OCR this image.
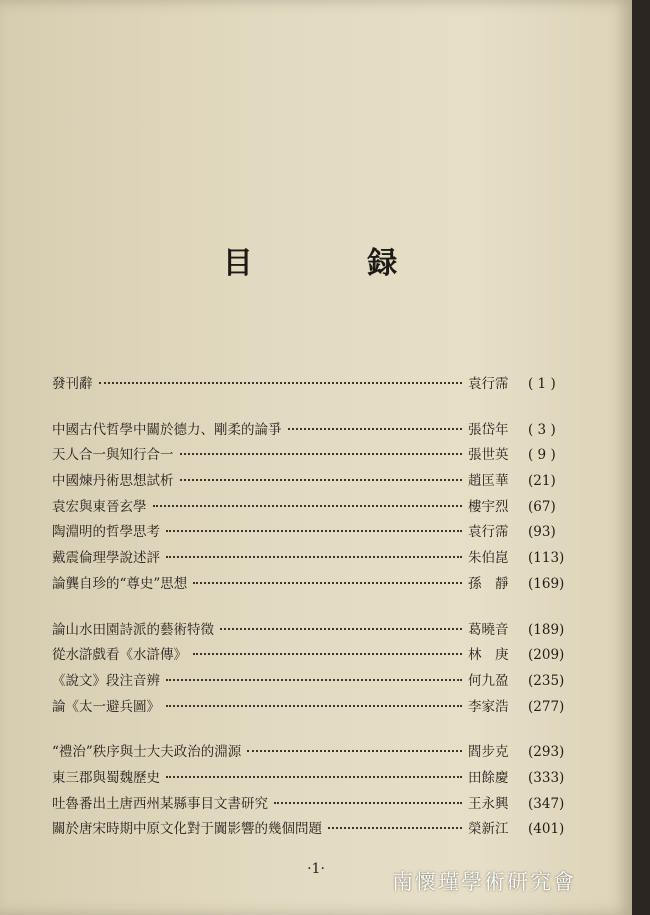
目 録
發刊辭	袁行霈	( 1 )
中國古代哲學中關於德力、剛柔的論爭	張岱年	( 3 )
天人合一與知行合一	張世英	( 9 )
中國煉丹術思想試析	趙匡華	(21)
袁宏與東晉玄學	樓宇烈	(67)
陶淵明的哲學思考	袁行霈	(93)
戴震倫理學說述評	朱伯崑	(113)
論龔自珍的“尊史”思想	孫　靜	(169)
論山水田園詩派的藝術特徵	葛曉音	(189)
從水滸戲看《水滸傳》	林　庚	(209)
《說文》段注音辨	何九盈	(235)
論《太一避兵圖》	李家浩	(277)
“禮治”秩序與士大夫政治的淵源	閻步克	(293)
東三郡與蜀魏歷史	田餘慶	(333)
吐魯番出土唐西州某縣事目文書研究	王永興	(347)
關於唐宋時期中原文化對于闐影響的幾個問題	榮新江	(401)
·1·
南懷瑾學術研究會
